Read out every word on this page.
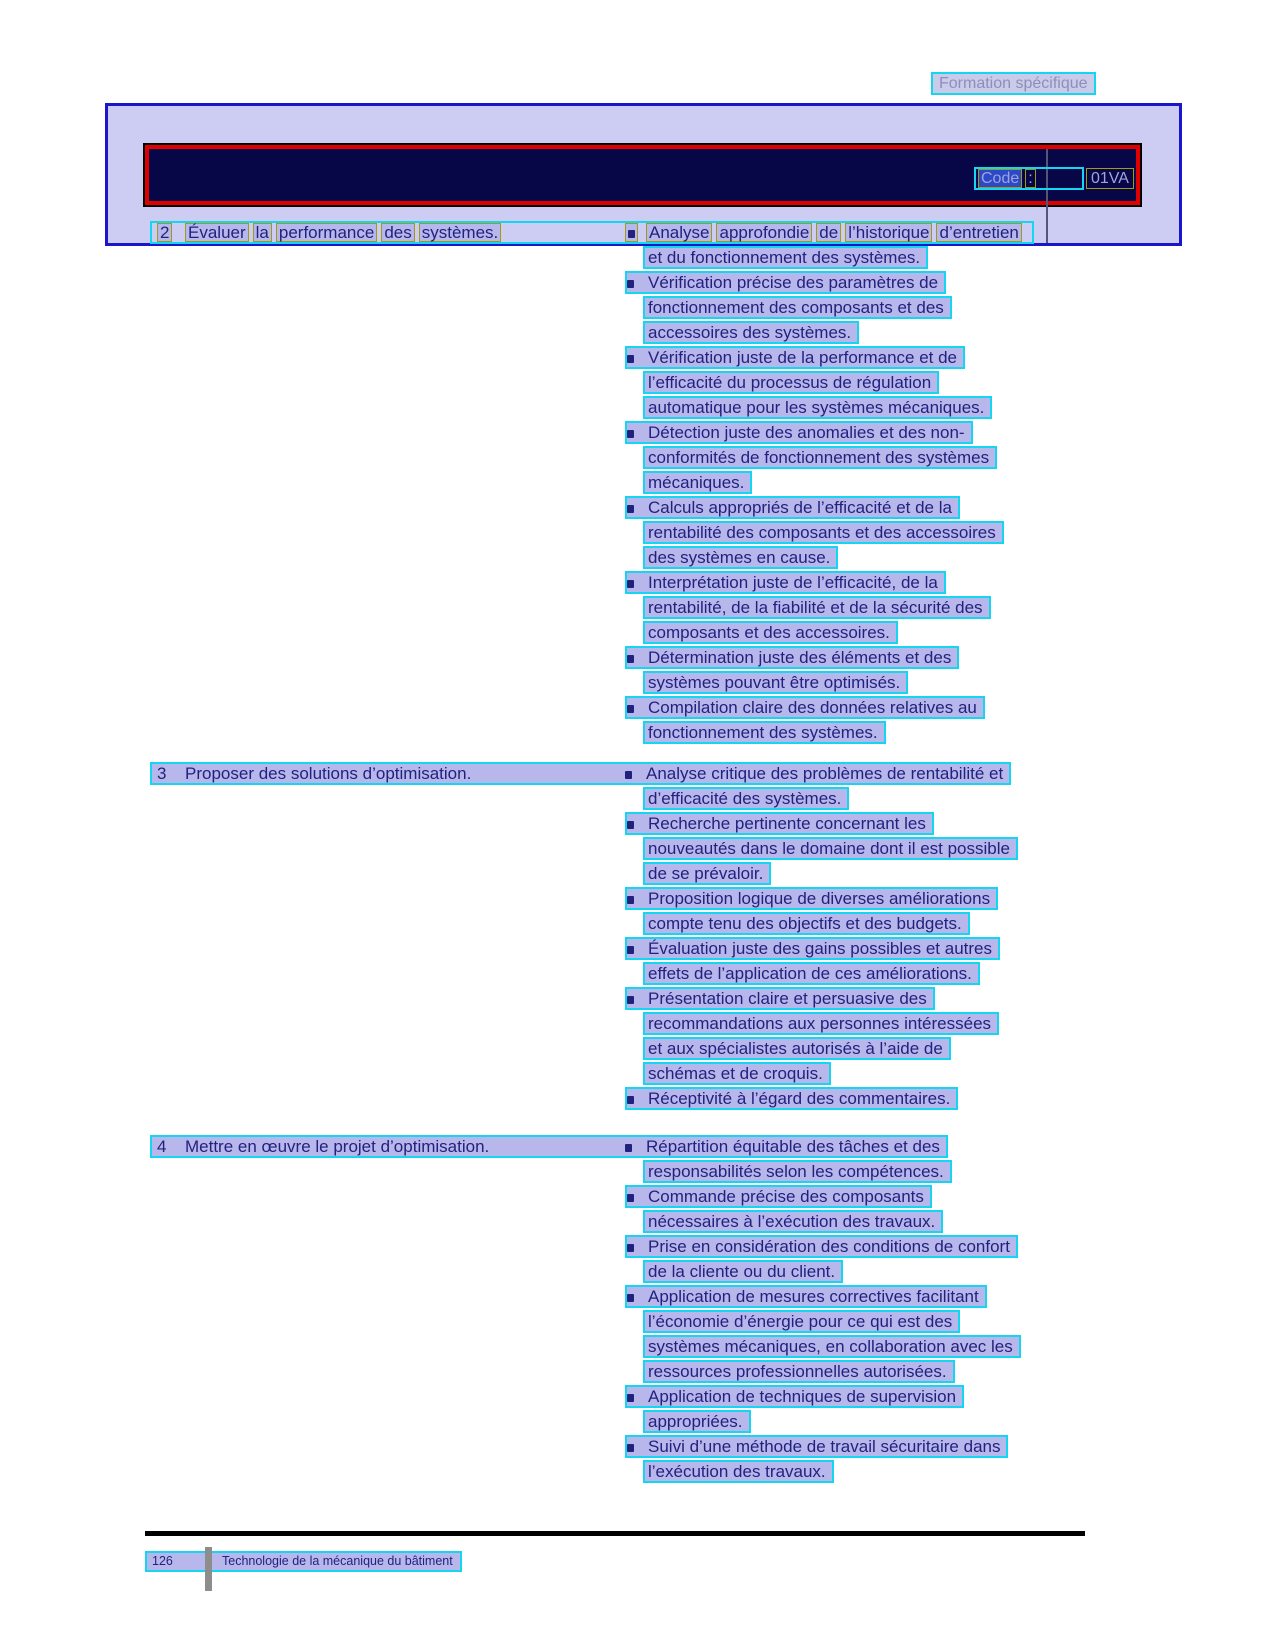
Formation spécifique
Code :	01VA
2 Évaluer la performance des systèmes.	Analyse approfondie de l’historique d’entretien
et du fonctionnement des systèmes.
Vérification précise des paramètres de
fonctionnement des composants et des
accessoires des systèmes.
Vérification juste de la performance et de
l’efficacité du processus de régulation
automatique pour les systèmes mécaniques.
Détection juste des anomalies et des non-
conformités de fonctionnement des systèmes
mécaniques.
Calculs appropriés de l’efficacité et de la
rentabilité des composants et des accessoires
des systèmes en cause.
Interprétation juste de l’efficacité, de la
rentabilité, de la fiabilité et de la sécurité des
composants et des accessoires.
Détermination juste des éléments et des
systèmes pouvant être optimisés.
Compilation claire des données relatives au
fonctionnement des systèmes.
3 Proposer des solutions d’optimisation.	Analyse critique des problèmes de rentabilité et
d’efficacité des systèmes.
Recherche pertinente concernant les
nouveautés dans le domaine dont il est possible
de se prévaloir.
Proposition logique de diverses améliorations
compte tenu des objectifs et des budgets.
Évaluation juste des gains possibles et autres
effets de l’application de ces améliorations.
Présentation claire et persuasive des
recommandations aux personnes intéressées
et aux spécialistes autorisés à l’aide de
schémas et de croquis.
Réceptivité à l’égard des commentaires.
4 Mettre en œuvre le projet d’optimisation.	Répartition équitable des tâches et des
responsabilités selon les compétences.
Commande précise des composants
nécessaires à l’exécution des travaux.
Prise en considération des conditions de confort
de la cliente ou du client.
Application de mesures correctives facilitant
l’économie d’énergie pour ce qui est des
systèmes mécaniques, en collaboration avec les
ressources professionnelles autorisées.
Application de techniques de supervision
appropriées.
Suivi d’une méthode de travail sécuritaire dans
l’exécution des travaux.
126	Technologie de la mécanique du bâtiment
